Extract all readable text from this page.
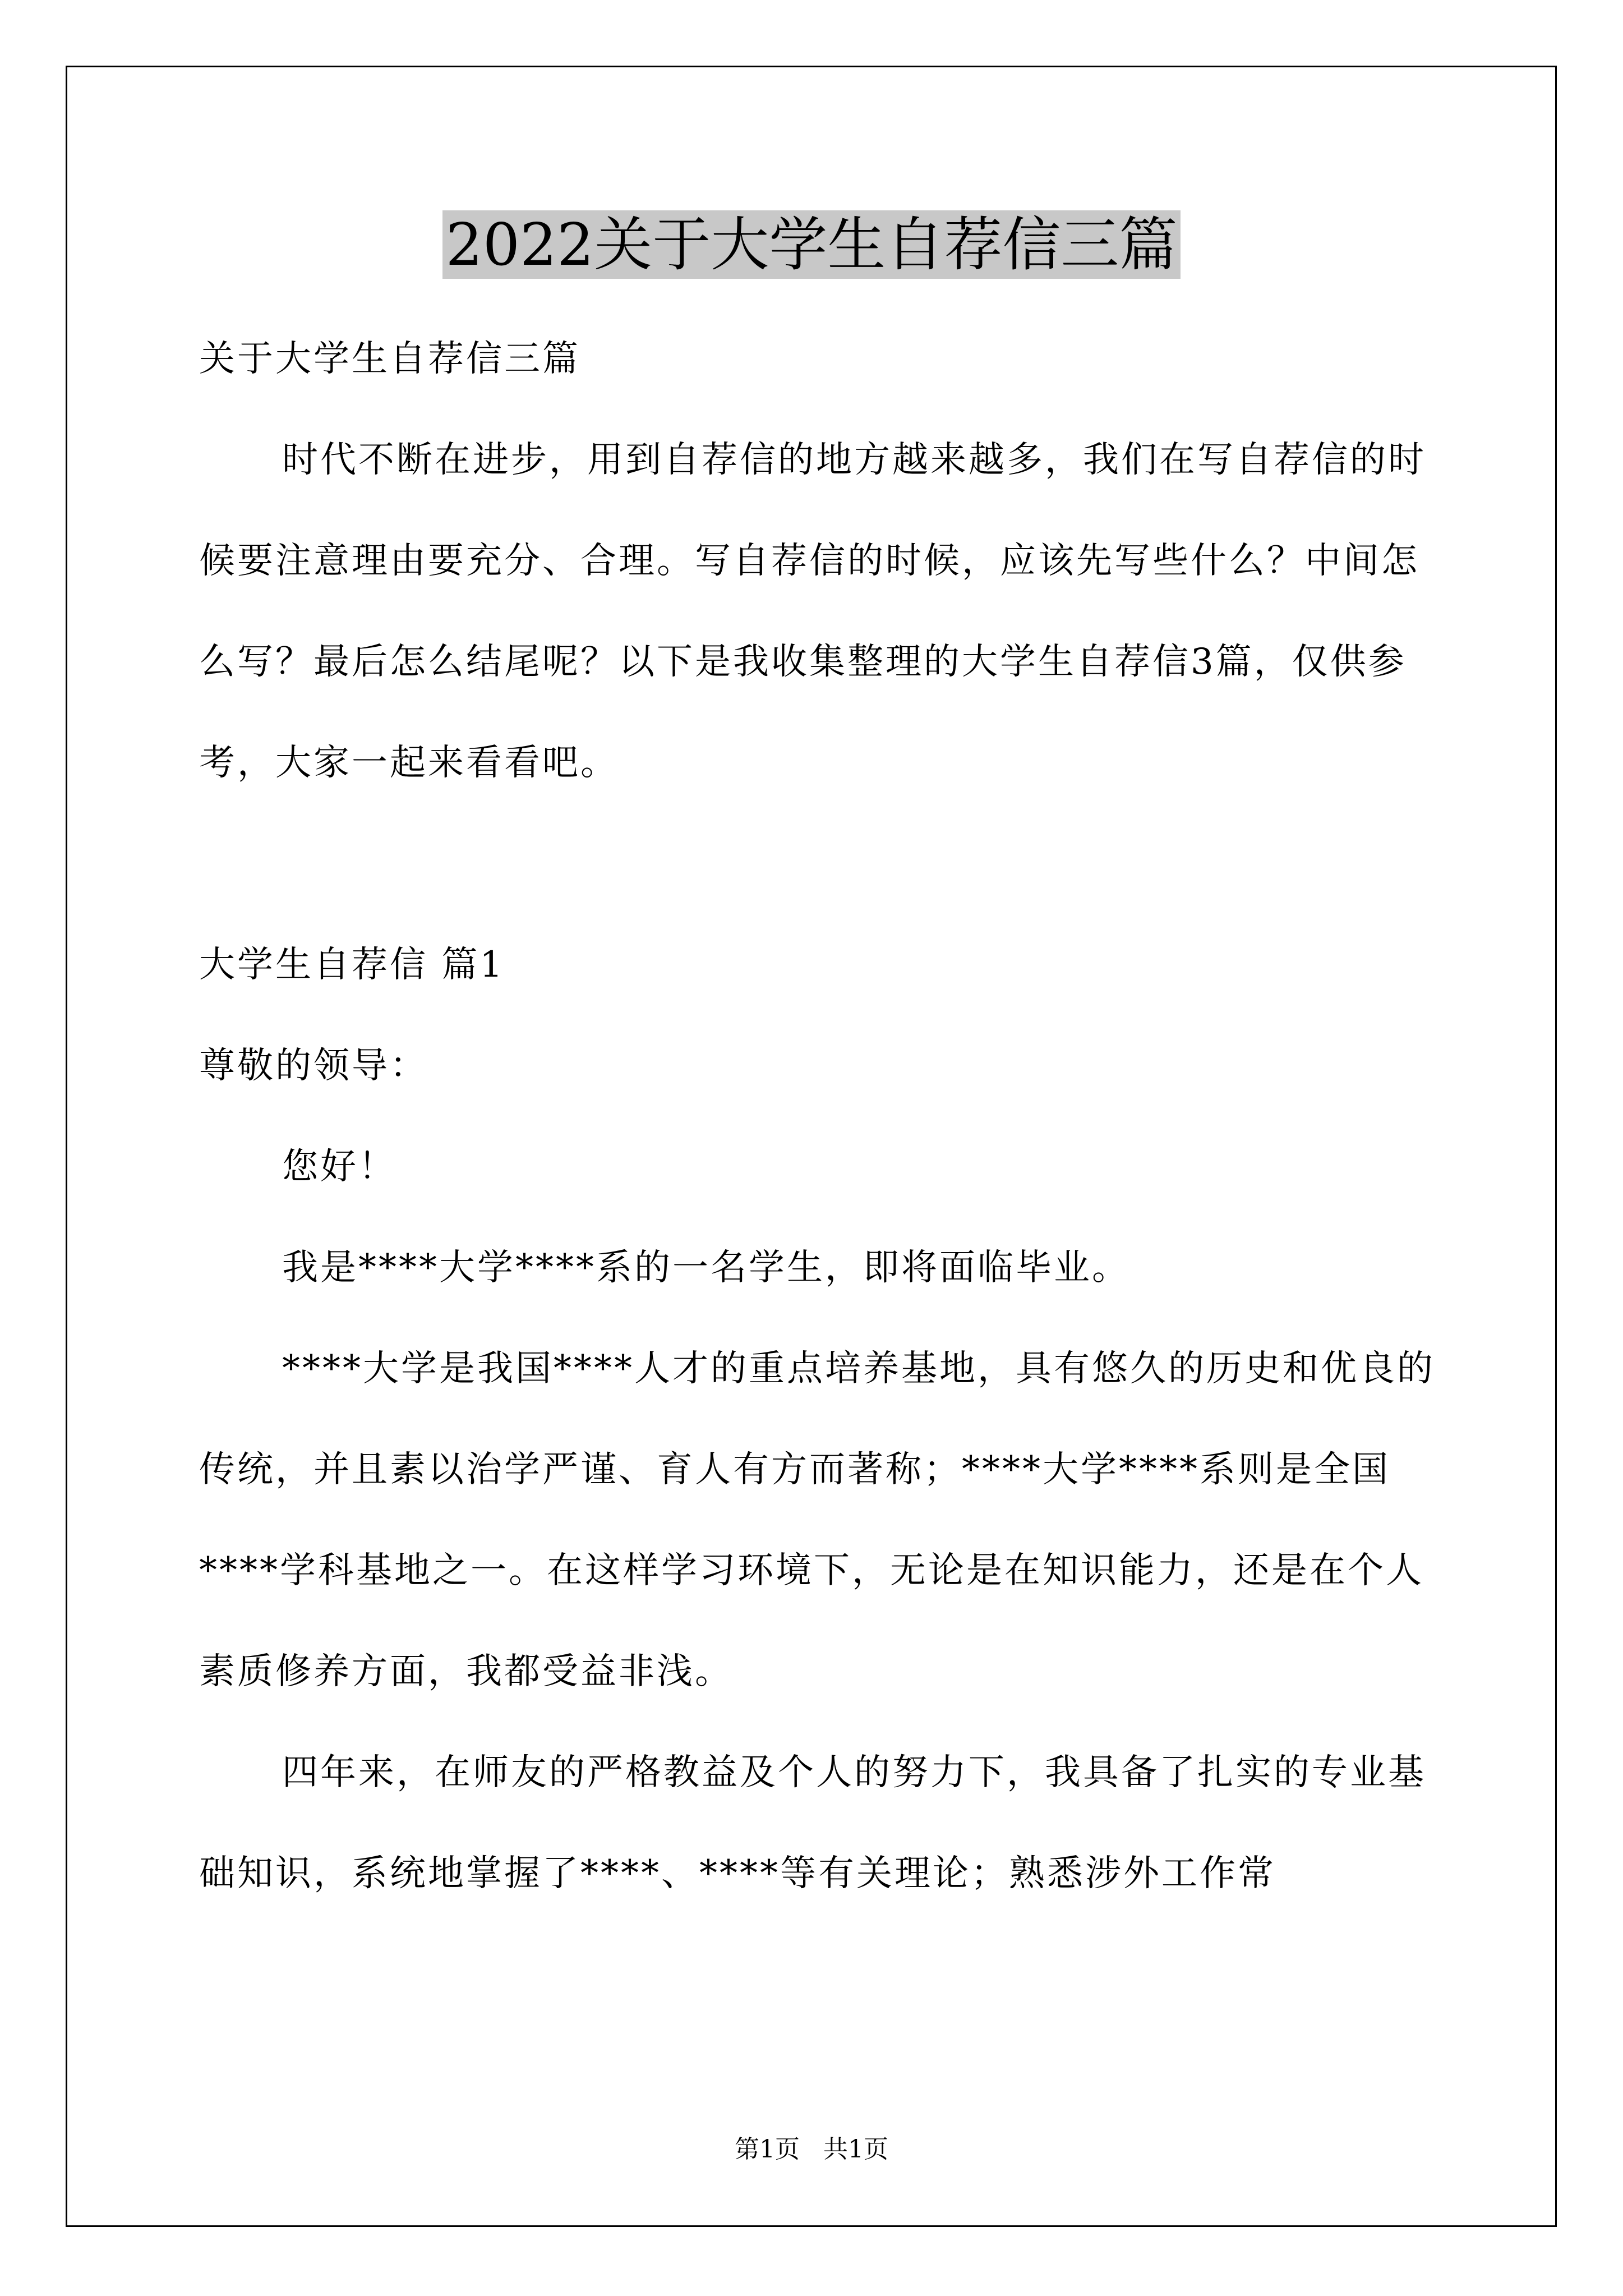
2022关于大学生自荐信三篇

关于大学生自荐信三篇

时代不断在进步，用到自荐信的地方越来越多，我们在写自荐信的时候要注意理由要充分、合理。写自荐信的时候，应该先写些什么？中间怎么写？最后怎么结尾呢？以下是我收集整理的大学生自荐信3篇，仅供参考，大家一起来看看吧。

大学生自荐信 篇1

尊敬的领导：

您好！

我是****大学****系的一名学生，即将面临毕业。

****大学是我国****人才的重点培养基地，具有悠久的历史和优良的传统，并且素以治学严谨、育人有方而著称；****大学****系则是全国****学科基地之一。在这样学习环境下，无论是在知识能力，还是在个人素质修养方面，我都受益非浅。

四年来，在师友的严格教益及个人的努力下，我具备了扎实的专业基础知识，系统地掌握了****、****等有关理论；熟悉涉外工作常

第1页 共1页
